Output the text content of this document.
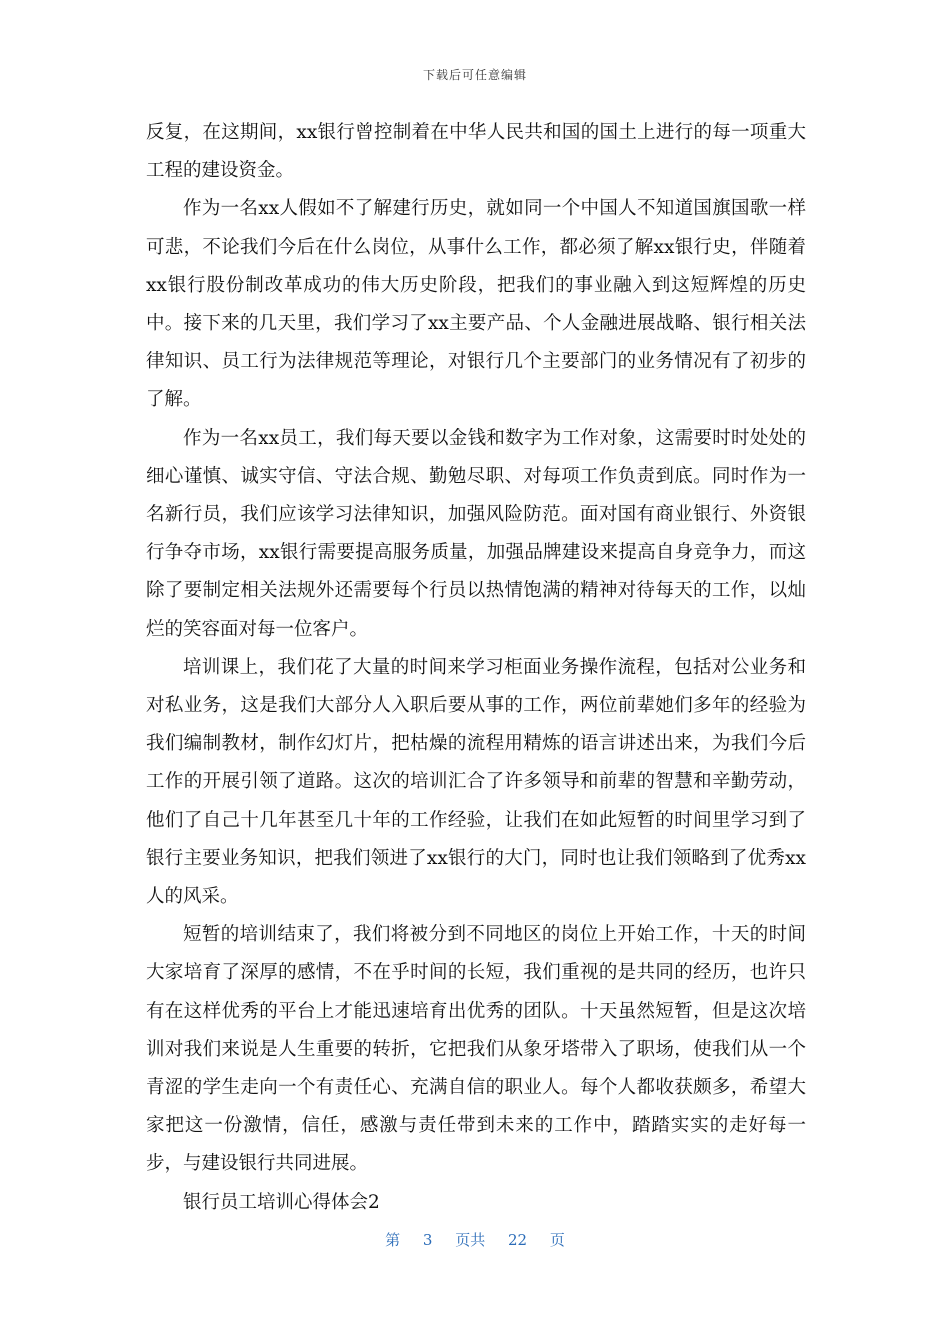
下载后可任意编辑

反复，在这期间，xx银行曾控制着在中华人民共和国的国土上进行的每一项重大工程的建设资金。

作为一名xx人假如不了解建行历史，就如同一个中国人不知道国旗国歌一样可悲，不论我们今后在什么岗位，从事什么工作，都必须了解xx银行史，伴随着xx银行股份制改革成功的伟大历史阶段，把我们的事业融入到这短辉煌的历史中。接下来的几天里，我们学习了xx主要产品、个人金融进展战略、银行相关法律知识、员工行为法律规范等理论，对银行几个主要部门的业务情况有了初步的了解。

作为一名xx员工，我们每天要以金钱和数字为工作对象，这需要时时处处的细心谨慎、诚实守信、守法合规、勤勉尽职、对每项工作负责到底。同时作为一名新行员，我们应该学习法律知识，加强风险防范。面对国有商业银行、外资银行争夺市场，xx银行需要提高服务质量，加强品牌建设来提高自身竞争力，而这除了要制定相关法规外还需要每个行员以热情饱满的精神对待每天的工作，以灿烂的笑容面对每一位客户。

培训课上，我们花了大量的时间来学习柜面业务操作流程，包括对公业务和对私业务，这是我们大部分人入职后要从事的工作，两位前辈她们多年的经验为我们编制教材，制作幻灯片，把枯燥的流程用精炼的语言讲述出来，为我们今后工作的开展引领了道路。这次的培训汇合了许多领导和前辈的智慧和辛勤劳动，他们了自己十几年甚至几十年的工作经验，让我们在如此短暂的时间里学习到了银行主要业务知识，把我们领进了xx银行的大门，同时也让我们领略到了优秀xx人的风采。

短暂的培训结束了，我们将被分到不同地区的岗位上开始工作，十天的时间大家培育了深厚的感情，不在乎时间的长短，我们重视的是共同的经历，也许只有在这样优秀的平台上才能迅速培育出优秀的团队。十天虽然短暂，但是这次培训对我们来说是人生重要的转折，它把我们从象牙塔带入了职场，使我们从一个青涩的学生走向一个有责任心、充满自信的职业人。每个人都收获颇多，希望大家把这一份激情，信任，感激与责任带到未来的工作中，踏踏实实的走好每一步，与建设银行共同进展。

银行员工培训心得体会2

第 3 页共 22 页
